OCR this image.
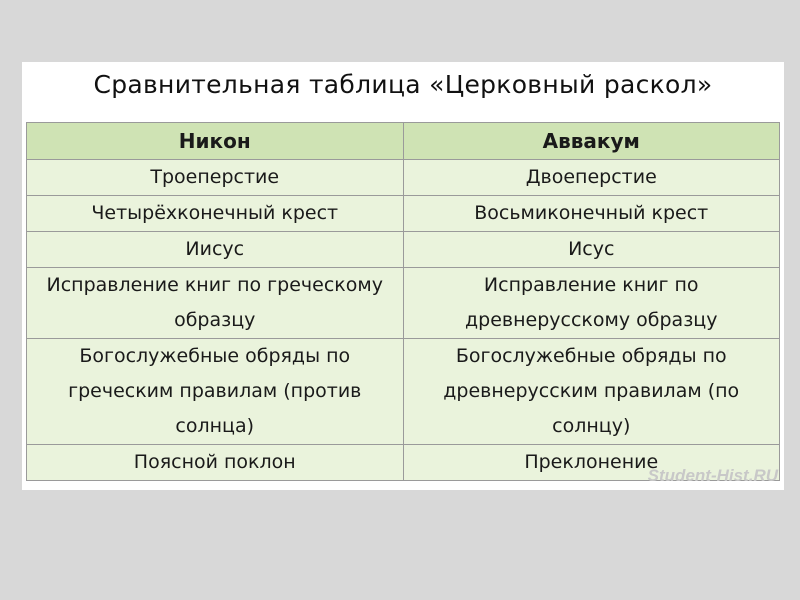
Сравнительная таблица «Церковный раскол»
Никон	Аввакум
Троеперстие	Двоеперстие
Четырёхконечный крест	Восьмиконечный крест
Иисус	Исус
Исправление книг по греческому образцу	Исправление книг по древнерусскому образцу
Богослужебные обряды по греческим правилам (против солнца)	Богослужебные обряды по древнерусским правилам (по солнцу)
Поясной поклон	Преклонение
Student-Hist.RU
